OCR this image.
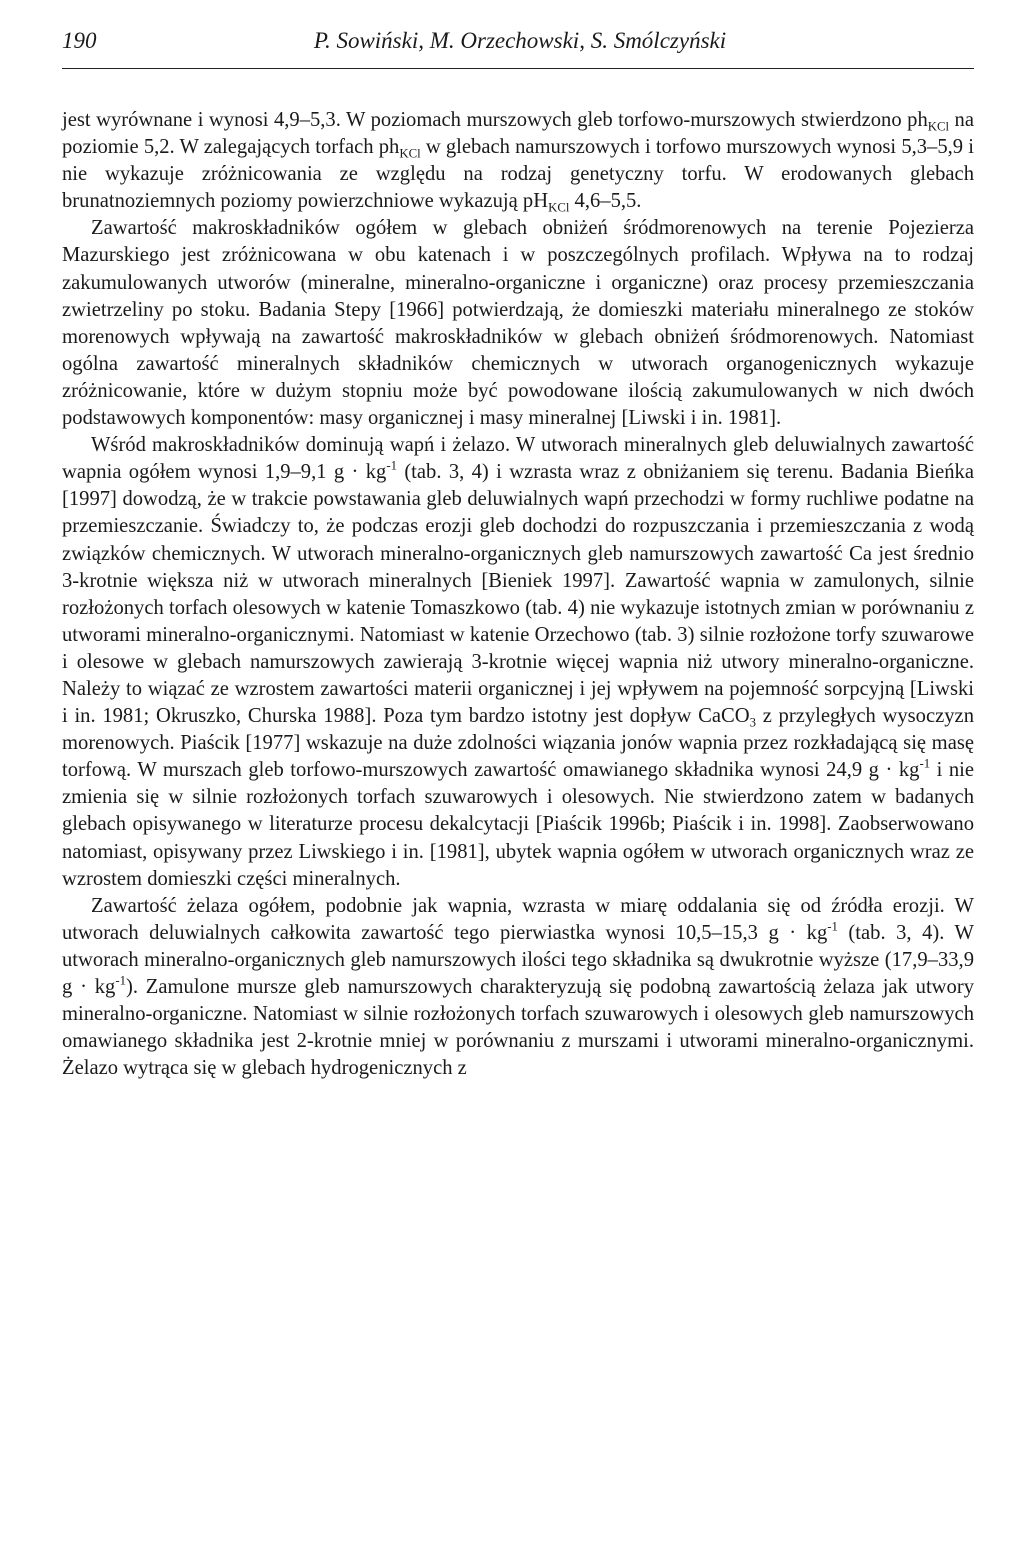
190	P. Sowiński, M. Orzechowski, S. Smólczyński

jest wyrównane i wynosi 4,9–5,3. W poziomach murszowych gleb torfowo-murszowych stwierdzono $ph_{KCl}$ na poziomie 5,2. W zalegających torfach $ph_{KCl}$ w glebach namurszowych i torfowo murszowych wynosi 5,3–5,9 i nie wykazuje zróżnicowania ze względu na rodzaj genetyczny torfu. W erodowanych glebach brunatnoziemnych poziomy powierzchniowe wykazują $pH_{KCl}$ 4,6–5,5.

Zawartość makroskładników ogółem w glebach obniżeń śródmorenowych na terenie Pojezierza Mazurskiego jest zróżnicowana w obu katenach i w poszczególnych profilach. Wpływa na to rodzaj zakumulowanych utworów (mineralne, mineralno-organiczne i organiczne) oraz procesy przemieszczania zwietrzeliny po stoku. Badania Stepy [1966] potwierdzają, że domieszki materiału mineralnego ze stoków morenowych wpływają na zawartość makroskładników w glebach obniżeń śródmorenowych. Natomiast ogólna zawartość mineralnych składników chemicznych w utworach organogenicznych wykazuje zróżnicowanie, które w dużym stopniu może być powodowane ilością zakumulowanych w nich dwóch podstawowych komponentów: masy organicznej i masy mineralnej [Liwski i in. 1981].

Wśród makroskładników dominują wapń i żelazo. W utworach mineralnych gleb deluwialnych zawartość wapnia ogółem wynosi 1,9–9,1 $g \cdot kg^{-1}$ (tab. 3, 4) i wzrasta wraz z obniżaniem się terenu. Badania Bieńka [1997] dowodzą, że w trakcie powstawania gleb deluwialnych wapń przechodzi w formy ruchliwe podatne na przemieszczanie. Świadczy to, że podczas erozji gleb dochodzi do rozpuszczania i przemieszczania z wodą związków chemicznych. W utworach mineralno-organicznych gleb namurszowych zawartość Ca jest średnio 3-krotnie większa niż w utworach mineralnych [Bieniek 1997]. Zawartość wapnia w zamulonych, silnie rozłożonych torfach olesowych w katenie Tomaszkowo (tab. 4) nie wykazuje istotnych zmian w porównaniu z utworami mineralno-organicznymi. Natomiast w katenie Orzechowo (tab. 3) silnie rozłożone torfy szuwarowe i olesowe w glebach namurszowych zawierają 3-krotnie więcej wapnia niż utwory mineralno-organiczne. Należy to wiązać ze wzrostem zawartości materii organicznej i jej wpływem na pojemność sorpcyjną [Liwski i in. 1981; Okruszko, Churska 1988]. Poza tym bardzo istotny jest dopływ CaCO$_3$ z przyległych wysoczyzn morenowych. Piaścik [1977] wskazuje na duże zdolności wiązania jonów wapnia przez rozkładającą się masę torfową. W murszach gleb torfowo-murszowych zawartość omawianego składnika wynosi 24,9 $g \cdot kg^{-1}$ i nie zmienia się w silnie rozłożonych torfach szuwarowych i olesowych. Nie stwierdzono zatem w badanych glebach opisywanego w literaturze procesu dekalcytacji [Piaścik 1996b; Piaścik i in. 1998]. Zaobserwowano natomiast, opisywany przez Liwskiego i in. [1981], ubytek wapnia ogółem w utworach organicznych wraz ze wzrostem domieszki części mineralnych.

Zawartość żelaza ogółem, podobnie jak wapnia, wzrasta w miarę oddalania się od źródła erozji. W utworach deluwialnych całkowita zawartość tego pierwiastka wynosi 10,5–15,3 $g \cdot kg^{-1}$ (tab. 3, 4). W utworach mineralno-organicznych gleb namurszowych ilości tego składnika są dwukrotnie wyższe (17,9–33,9 $g \cdot kg^{-1}$). Zamulone mursze gleb namurszowych charakteryzują się podobną zawartością żelaza jak utwory mineralno-organiczne. Natomiast w silnie rozłożonych torfach szuwarowych i olesowych gleb namurszowych omawianego składnika jest 2-krotnie mniej w porównaniu z murszami i utworami mineralno-organicznymi. Żelazo wytrąca się w glebach hydrogenicznych z
